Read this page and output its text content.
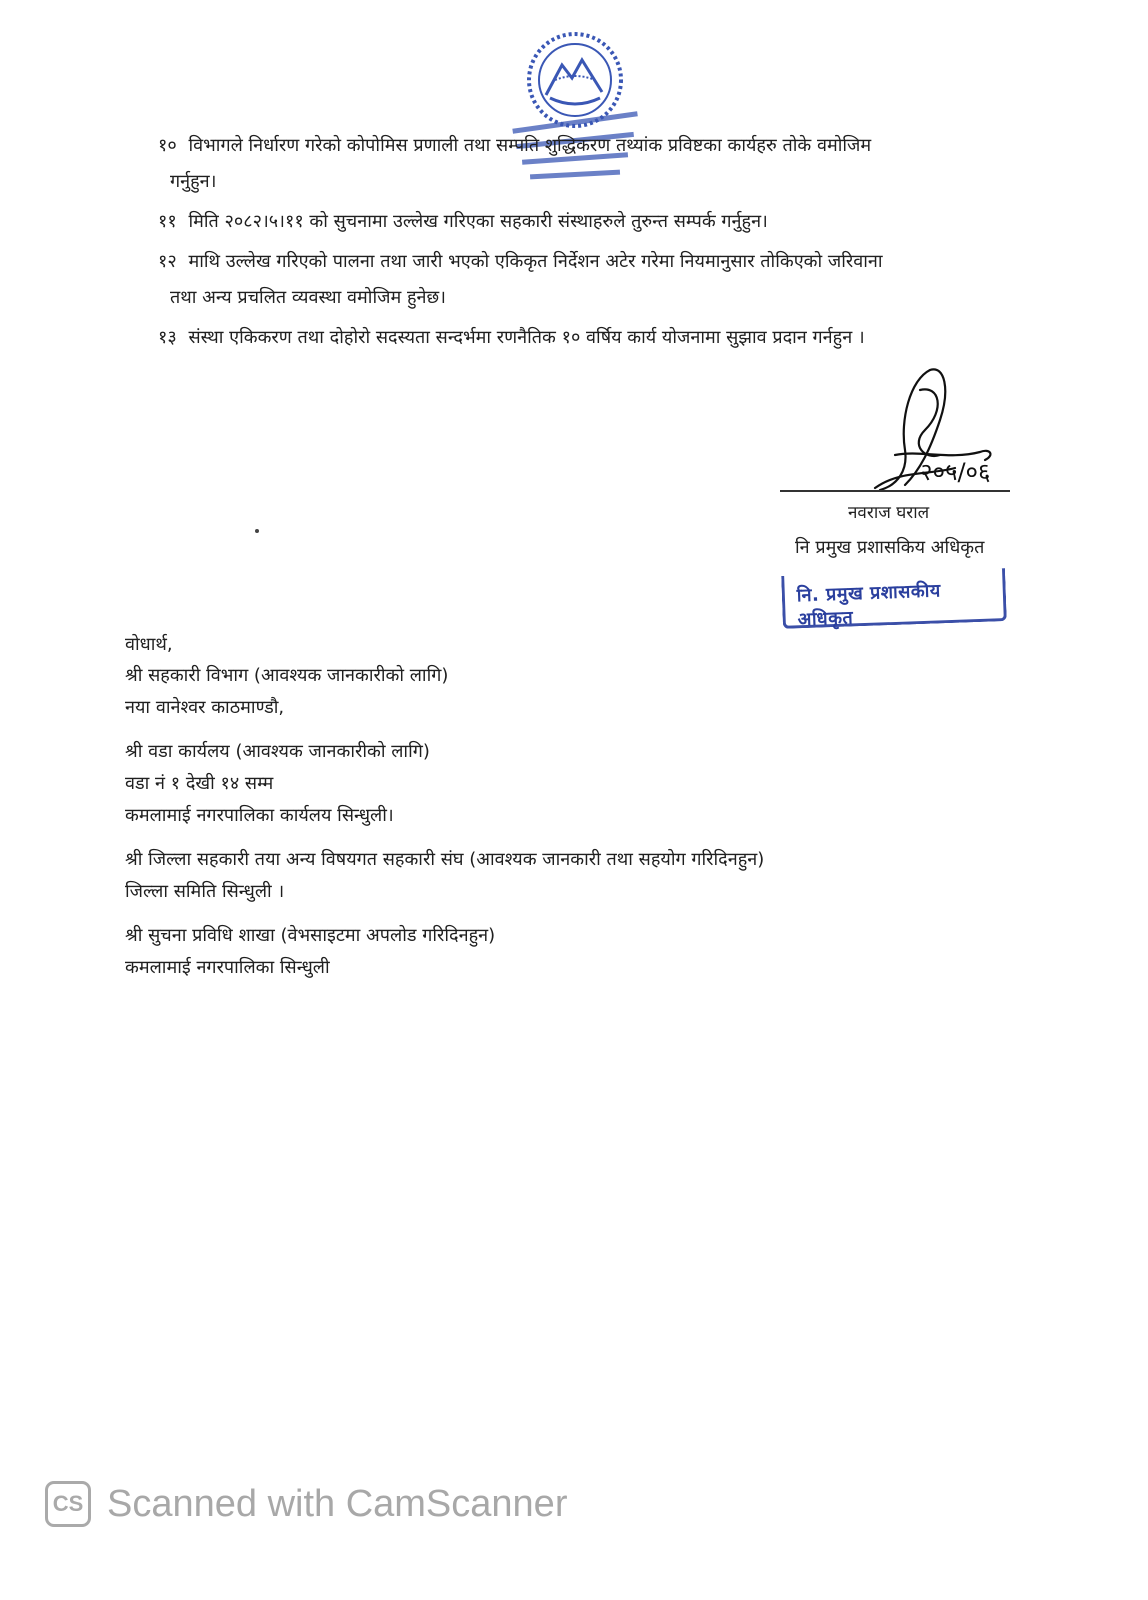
१० विभागले निर्धारण गरेको कोपोमिस प्रणाली तथा सम्पति शुद्धिकरण तथ्यांक प्रविष्टका कार्यहरु तोके वमोजिम
गर्नुहुन।
११ मिति २०८२।५।११ को सुचनामा उल्लेख गरिएका सहकारी संस्थाहरुले तुरुन्त सम्पर्क गर्नुहुन।
१२ माथि उल्लेख गरिएको पालना तथा जारी भएको एकिकृत निर्देशन अटेर गरेमा नियमानुसार तोकिएको जरिवाना
तथा अन्य प्रचलित व्यवस्था वमोजिम हुनेछ।
१३ संस्था एकिकरण तथा दोहोरो सदस्यता सन्दर्भमा रणनैतिक १० वर्षिय कार्य योजनामा सुझाव प्रदान गर्नहुन ।
२०५/०६
नवराज घराल
नि प्रमुख प्रशासकिय अधिकृत
नि. प्रमुख प्रशासकीय अधिकृत
वोधार्थ,
श्री सहकारी विभाग (आवश्यक जानकारीको लागि)
नया वानेश्वर काठमाण्डौ,
श्री वडा कार्यलय (आवश्यक जानकारीको लागि)
वडा नं १ देखी १४ सम्म
कमलामाई नगरपालिका कार्यलय सिन्धुली।
श्री जिल्ला सहकारी तया अन्य विषयगत सहकारी संघ (आवश्यक जानकारी तथा सहयोग गरिदिनहुन)
जिल्ला समिति सिन्धुली ।
श्री सुचना प्रविधि शाखा (वेभसाइटमा अपलोड गरिदिनहुन)
कमलामाई नगरपालिका सिन्धुली
CS Scanned with CamScanner
